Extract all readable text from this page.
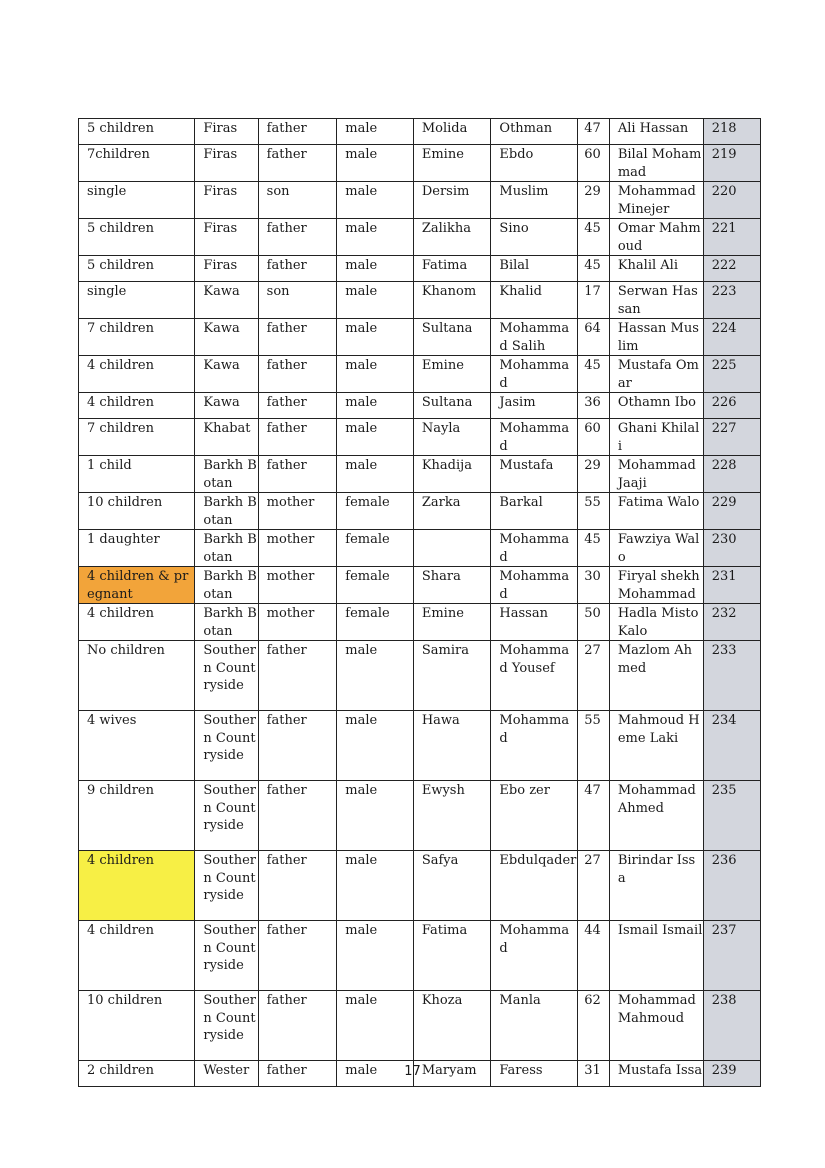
5 children	Firas	father	male	Molida	Othman	47	Ali Hassan	218
7children	Firas	father	male	Emine	Ebdo	60	Bilal Mohammad	219
single	Firas	son	male	Dersim	Muslim	29	Mohammad Minejer	220
5 children	Firas	father	male	Zalikha	Sino	45	Omar Mahmoud	221
5 children	Firas	father	male	Fatima	Bilal	45	Khalil Ali	222
single	Kawa	son	male	Khanom	Khalid	17	Serwan Hassan	223
7 children	Kawa	father	male	Sultana	Mohammad Salih	64	Hassan Muslim	224
4 children	Kawa	father	male	Emine	Mohammad	45	Mustafa Omar	225
4 children	Kawa	father	male	Sultana	Jasim	36	Othamn Ibo	226
7 children	Khabat	father	male	Nayla	Mohammad	60	Ghani Khilali	227
1 child	Barkh Botan	father	male	Khadija	Mustafa	29	Mohammad Jaaji	228
10 children	Barkh Botan	mother	female	Zarka	Barkal	55	Fatima Walo	229
1 daughter	Barkh Botan	mother	female		Mohammad	45	Fawziya Walo	230
4 children & pregnant	Barkh Botan	mother	female	Shara	Mohammad	30	Firyal shekh Mohammad	231
4 children	Barkh Botan	mother	female	Emine	Hassan	50	Hadla Misto Kalo	232
No children	Southern Countryside	father	male	Samira	Mohammad Yousef	27	Mazlom Ahmed	233
4 wives	Southern Countryside	father	male	Hawa	Mohammad	55	Mahmoud Heme Laki	234
9 children	Southern Countryside	father	male	Ewysh	Ebo zer	47	Mohammad Ahmed	235
4 children	Southern Countryside	father	male	Safya	Ebdulqader	27	Birindar Issa	236
4 children	Southern Countryside	father	male	Fatima	Mohammad	44	Ismail Ismail	237
10 children	Southern Countryside	father	male	Khoza	Manla	62	Mohammad Mahmoud	238
2 children	Wester	father	male	Maryam	Faress	31	Mustafa Issa	239
17
